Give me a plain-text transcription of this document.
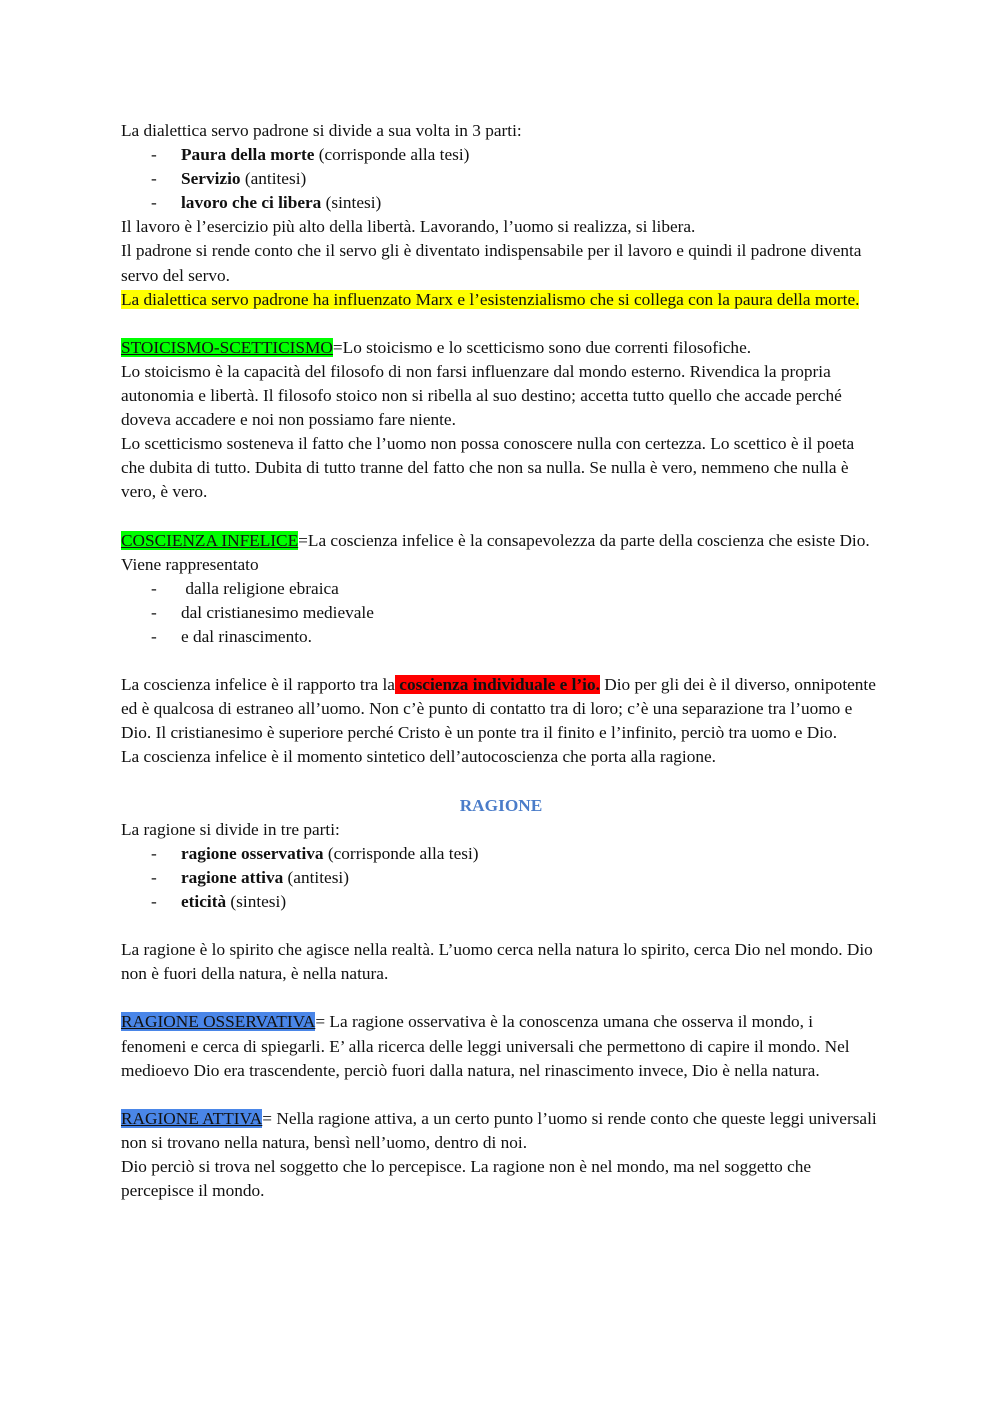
La dialettica servo padrone si divide a sua volta in 3 parti:

- Paura della morte (corrisponde alla tesi)
- Servizio (antitesi)
- lavoro che ci libera (sintesi)

Il lavoro è l’esercizio più alto della libertà. Lavorando, l’uomo si realizza, si libera.

Il padrone si rende conto che il servo gli è diventato indispensabile per il lavoro e quindi il padrone diventa servo del servo.

La dialettica servo padrone ha influenzato Marx e l’esistenzialismo che si collega con la paura della morte.

STOICISMO-SCETTICISMO=Lo stoicismo e lo scetticismo sono due correnti filosofiche.

Lo stoicismo è la capacità del filosofo di non farsi influenzare dal mondo esterno. Rivendica la propria autonomia e libertà. Il filosofo stoico non si ribella al suo destino; accetta tutto quello che accade perché doveva accadere e noi non possiamo fare niente.

Lo scetticismo sosteneva il fatto che l’uomo non possa conoscere nulla con certezza. Lo scettico è il poeta che dubita di tutto. Dubita di tutto tranne del fatto che non sa nulla. Se nulla è vero, nemmeno che nulla è vero, è vero.

COSCIENZA INFELICE=La coscienza infelice è la consapevolezza da parte della coscienza che esiste Dio. Viene rappresentato

- dalla religione ebraica
- dal cristianesimo medievale
- e dal rinascimento.

La coscienza infelice è il rapporto tra la coscienza individuale e l’io. Dio per gli dei è il diverso, onnipotente ed è qualcosa di estraneo all’uomo. Non c’è punto di contatto tra di loro; c’è una separazione tra l’uomo e Dio. Il cristianesimo è superiore perché Cristo è un ponte tra il finito e l’infinito, perciò tra uomo e Dio.

La coscienza infelice è il momento sintetico dell’autocoscienza che porta alla ragione.

RAGIONE

La ragione si divide in tre parti:

- ragione osservativa (corrisponde alla tesi)
- ragione attiva (antitesi)
- eticità (sintesi)

La ragione è lo spirito che agisce nella realtà. L’uomo cerca nella natura lo spirito, cerca Dio nel mondo. Dio non è fuori della natura, è nella natura.

RAGIONE OSSERVATIVA= La ragione osservativa è la conoscenza umana che osserva il mondo, i fenomeni e cerca di spiegarli. E’ alla ricerca delle leggi universali che permettono di capire il mondo. Nel medioevo Dio era trascendente, perciò fuori dalla natura, nel rinascimento invece, Dio è nella natura.

RAGIONE ATTIVA= Nella ragione attiva, a un certo punto l’uomo si rende conto che queste leggi universali non si trovano nella natura, bensì nell’uomo, dentro di noi.

Dio perciò si trova nel soggetto che lo percepisce. La ragione non è nel mondo, ma nel soggetto che percepisce il mondo.
